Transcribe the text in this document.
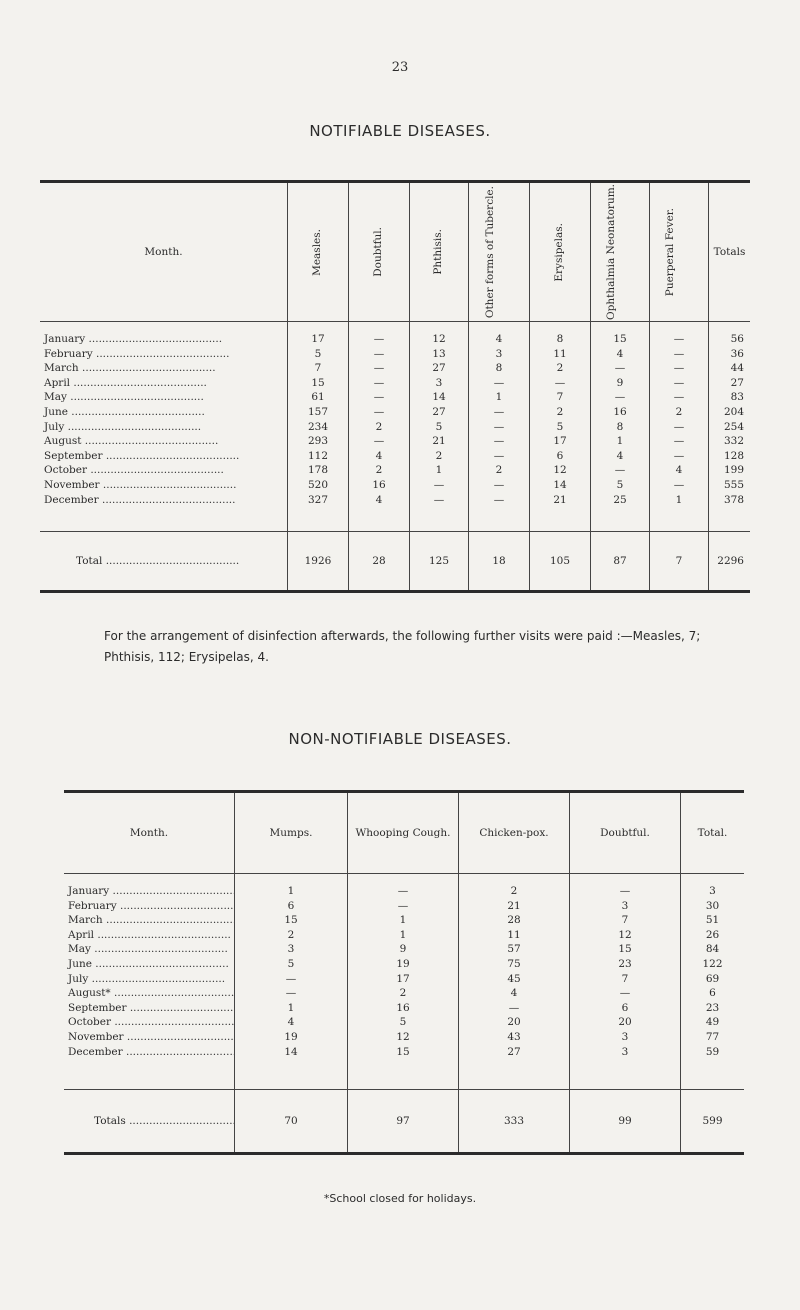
23
NOTIFIABLE DISEASES.
Month.	Measles.	Doubtful.	Phthisis.	Other forms of Tubercle.	Erysipelas.	Ophthalmia Neonatorum.	Puerperal Fever.	Totals
January .....	17	—	12	4	8	15	—	56
February .....	5	—	13	3	11	4	—	36
March .....	7	—	27	8	2	—	—	44
April .....	15	—	3	—	—	9	—	27
May .....	61	—	14	1	7	—	—	83
June .....	157	—	27	—	2	16	2	204
July .....	234	2	5	—	5	8	—	254
August .....	293	—	21	—	17	1	—	332
September .....	112	4	2	—	6	4	—	128
October .....	178	2	1	2	12	—	4	199
November .....	520	16	—	—	14	5	—	555
December .....	327	4	—	—	21	25	1	378

Total .....	1926	28	125	18	105	87	7	2296
For the arrangement of disinfection afterwards, the following further visits were paid :—Measles, 7; Phthisis, 112; Erysipelas, 4.
NON-NOTIFIABLE DISEASES.
Month.	Mumps.	Whooping Cough.	Chicken-pox.	Doubtful.	Total.
January .....	1	—	2	—	3
February .....	6	—	21	3	30
March .....	15	1	28	7	51
April .....	2	1	11	12	26
May .....	3	9	57	15	84
June .....	5	19	75	23	122
July .....	—	17	45	7	69
August* .....	—	2	4	—	6
September .....	1	16	—	6	23
October .....	4	5	20	20	49
November .....	19	12	43	3	77
December .....	14	15	27	3	59

Totals .....	70	97	333	99	599
*School closed for holidays.
